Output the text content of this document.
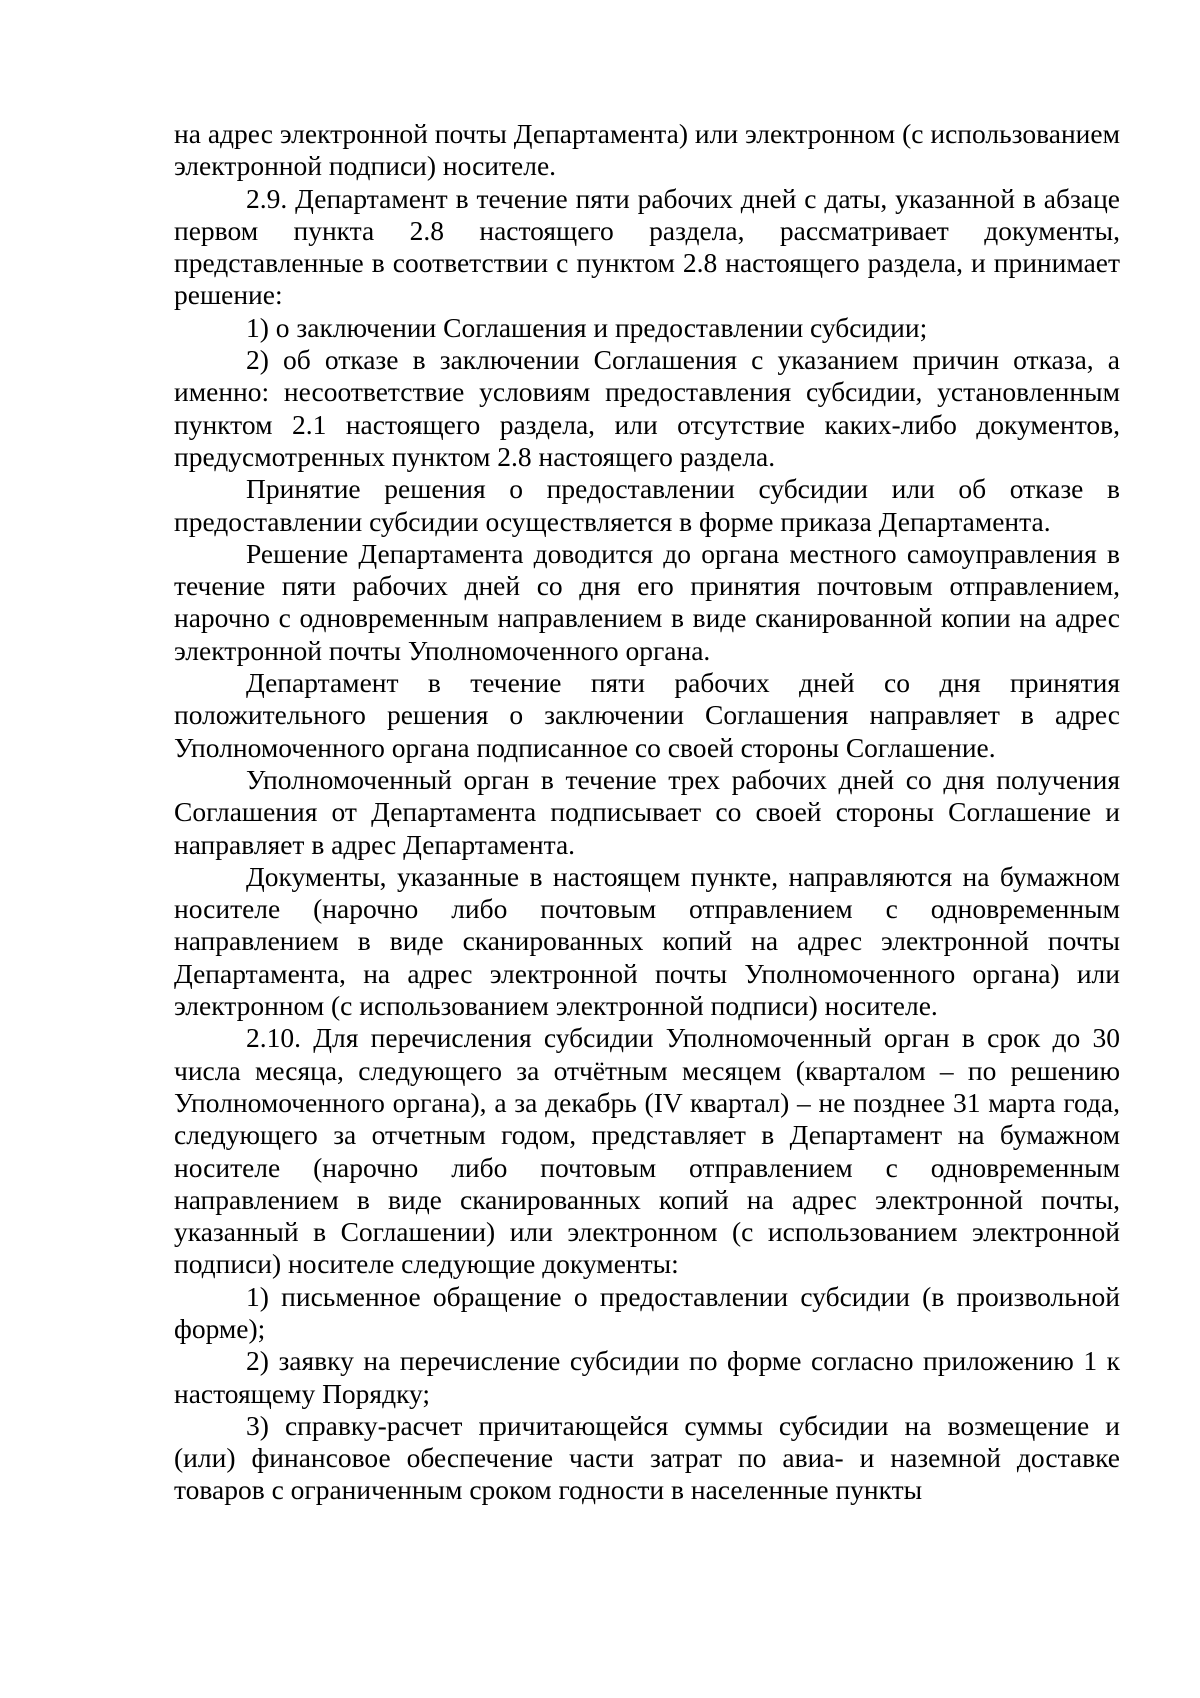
на адрес электронной почты Департамента) или электронном (с использованием электронной подписи) носителе.

2.9. Департамент в течение пяти рабочих дней с даты, указанной в абзаце первом пункта 2.8 настоящего раздела, рассматривает документы, представленные в соответствии с пунктом 2.8 настоящего раздела, и принимает решение:

1) о заключении Соглашения и предоставлении субсидии;

2) об отказе в заключении Соглашения с указанием причин отказа, а именно: несоответствие условиям предоставления субсидии, установленным пунктом 2.1 настоящего раздела, или отсутствие каких-либо документов, предусмотренных пунктом 2.8 настоящего раздела.

Принятие решения о предоставлении субсидии или об отказе в предоставлении субсидии осуществляется в форме приказа Департамента.

Решение Департамента доводится до органа местного самоуправления в течение пяти рабочих дней со дня его принятия почтовым отправлением, нарочно с одновременным направлением в виде сканированной копии на адрес электронной почты Уполномоченного органа.

Департамент в течение пяти рабочих дней со дня принятия положительного решения о заключении Соглашения направляет в адрес Уполномоченного органа подписанное со своей стороны Соглашение.

Уполномоченный орган в течение трех рабочих дней со дня получения Соглашения от Департамента подписывает со своей стороны Соглашение и направляет в адрес Департамента.

Документы, указанные в настоящем пункте, направляются на бумажном носителе (нарочно либо почтовым отправлением с одновременным направлением в виде сканированных копий на адрес электронной почты Департамента, на адрес электронной почты Уполномоченного органа) или электронном (с использованием электронной подписи) носителе.

2.10. Для перечисления субсидии Уполномоченный орган в срок до 30 числа месяца, следующего за отчётным месяцем (кварталом – по решению Уполномоченного органа), а за декабрь (IV квартал) – не позднее 31 марта года, следующего за отчетным годом, представляет в Департамент на бумажном носителе (нарочно либо почтовым отправлением с одновременным направлением в виде сканированных копий на адрес электронной почты, указанный в Соглашении) или электронном (с использованием электронной подписи) носителе следующие документы:

1) письменное обращение о предоставлении субсидии (в произвольной форме);

2) заявку на перечисление субсидии по форме согласно приложению 1 к настоящему Порядку;

3) справку-расчет причитающейся суммы субсидии на возмещение и (или) финансовое обеспечение части затрат по авиа- и наземной доставке товаров с ограниченным сроком годности в населенные пункты
